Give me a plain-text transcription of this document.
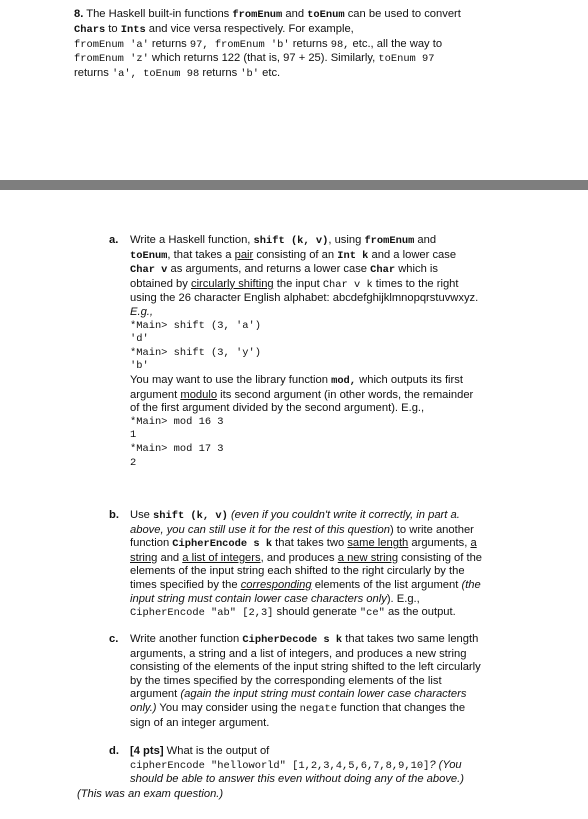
8. The Haskell built-in functions fromEnum and toEnum can be used to convert

Chars to Ints and vice versa respectively. For example,

fromEnum 'a' returns 97, fromEnum 'b' returns 98, etc., all the way to

fromEnum 'z' which returns 122 (that is, 97 + 25). Similarly, toEnum 97

returns 'a', toEnum 98 returns 'b' etc.

a. Write a Haskell function, shift (k, v), using fromEnum and

toEnum, that takes a pair consisting of an Int k and a lower case

Char v as arguments, and returns a lower case Char which is

obtained by circularly shifting the input Char v k times to the right

using the 26 character English alphabet: abcdefghijklmnopqrstuvwxyz.

E.g.,

*Main> shift (3, 'a')

'd'

*Main> shift (3, 'y')

'b'

You may want to use the library function mod, which outputs its first

argument modulo its second argument (in other words, the remainder

of the first argument divided by the second argument). E.g.,

*Main> mod 16 3

1

*Main> mod 17 3

2

b. Use shift (k, v) (even if you couldn't write it correctly, in part a.

above, you can still use it for the rest of this question) to write another

function CipherEncode s k that takes two same length arguments, a

string and a list of integers, and produces a new string consisting of the

elements of the input string each shifted to the right circularly by the

times specified by the corresponding elements of the list argument (the

input string must contain lower case characters only). E.g.,

CipherEncode "ab" [2,3] should generate "ce" as the output.

c. Write another function CipherDecode s k that takes two same length

arguments, a string and a list of integers, and produces a new string

consisting of the elements of the input string shifted to the left circularly

by the times specified by the corresponding elements of the list

argument (again the input string must contain lower case characters

only.) You may consider using the negate function that changes the

sign of an integer argument.

d. [4 pts] What is the output of

cipherEncode "helloworld" [1,2,3,4,5,6,7,8,9,10]? (You

should be able to answer this even without doing any of the above.)

(This was an exam question.)
